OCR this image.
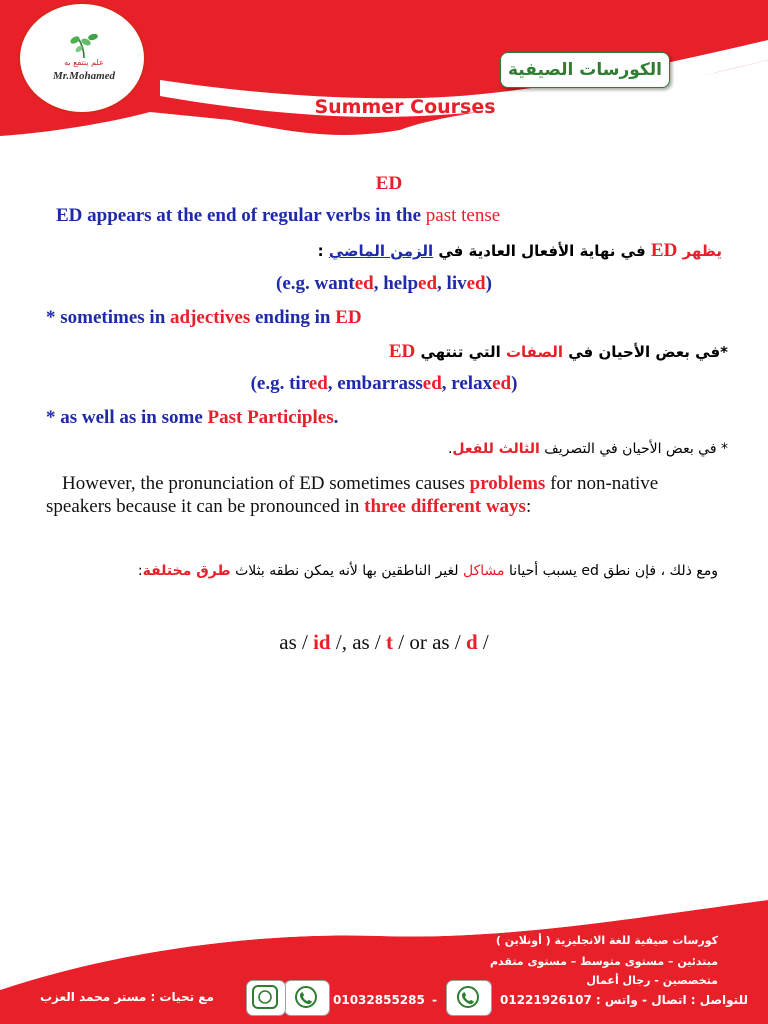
علم ينتفع به
Mr.Mohamed	الكورسات الصيفية
Summer Courses
ED
ED appears at the end of regular verbs in the past tense
يظهر ED في نهاية الأفعال العادية في الزمن الماضي :
(e.g. wanted, helped, lived)
* sometimes in adjectives ending in ED
*في بعض الأحيان في الصفات التي تنتهي ED
(e.g. tired, embarrassed, relaxed)
* as well as in some Past Participles.
* في بعض الأحيان في التصريف الثالث للفعل.
However, the pronunciation of ED sometimes causes problems for non-native
speakers because it can be pronounced in three different ways:
ومع ذلك ، فإن نطق ed يسبب أحيانا مشاكل لغير الناطقين بها لأنه يمكن نطقه بثلاث طرق مختلفة:
as / id /, as / t / or as / d /
كورسات صيفية للغة الانجليزية ( أونلاين )
مبتدئين – مستوى متوسط – مستوى متقدم
متخصصين - رجال أعمال
01221926107 للتواصل : اتصال - واتس :
-
01032855285
مع تحيات : مستر محمد العزب
